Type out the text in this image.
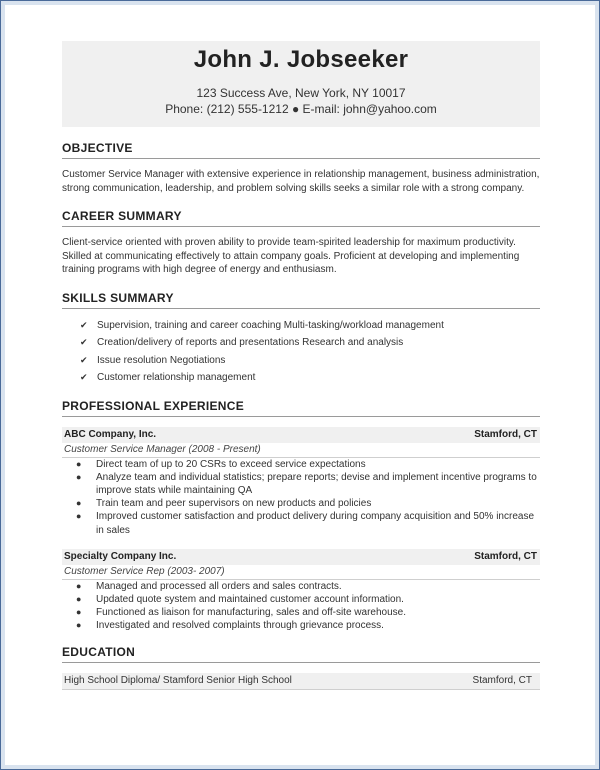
John J. Jobseeker
123 Success Ave, New York, NY 10017
Phone: (212) 555-1212 ● E-mail: john@yahoo.com
OBJECTIVE
Customer Service Manager with extensive experience in relationship management, business administration, strong communication, leadership, and problem solving skills seeks a similar role with a strong company.
CAREER SUMMARY
Client-service oriented with proven ability to provide team-spirited leadership for maximum productivity. Skilled at communicating effectively to attain company goals. Proficient at developing and implementing training programs with high degree of energy and enthusiasm.
SKILLS SUMMARY
✔ Supervision, training and career coaching Multi-tasking/workload management
✔ Creation/delivery of reports and presentations Research and analysis
✔ Issue resolution Negotiations
✔ Customer relationship management
PROFESSIONAL EXPERIENCE
ABC Company, Inc.	Stamford, CT
Customer Service Manager (2008 - Present)
● Direct team of up to 20 CSRs to exceed service expectations
● Analyze team and individual statistics; prepare reports; devise and implement incentive programs to improve stats while maintaining QA
● Train team and peer supervisors on new products and policies
● Improved customer satisfaction and product delivery during company acquisition and 50% increase in sales
Specialty Company Inc.	Stamford, CT
Customer Service Rep (2003- 2007)
● Managed and processed all orders and sales contracts.
● Updated quote system and maintained customer account information.
● Functioned as liaison for manufacturing, sales and off-site warehouse.
● Investigated and resolved complaints through grievance process.
EDUCATION
High School Diploma/ Stamford Senior High School	Stamford, CT
